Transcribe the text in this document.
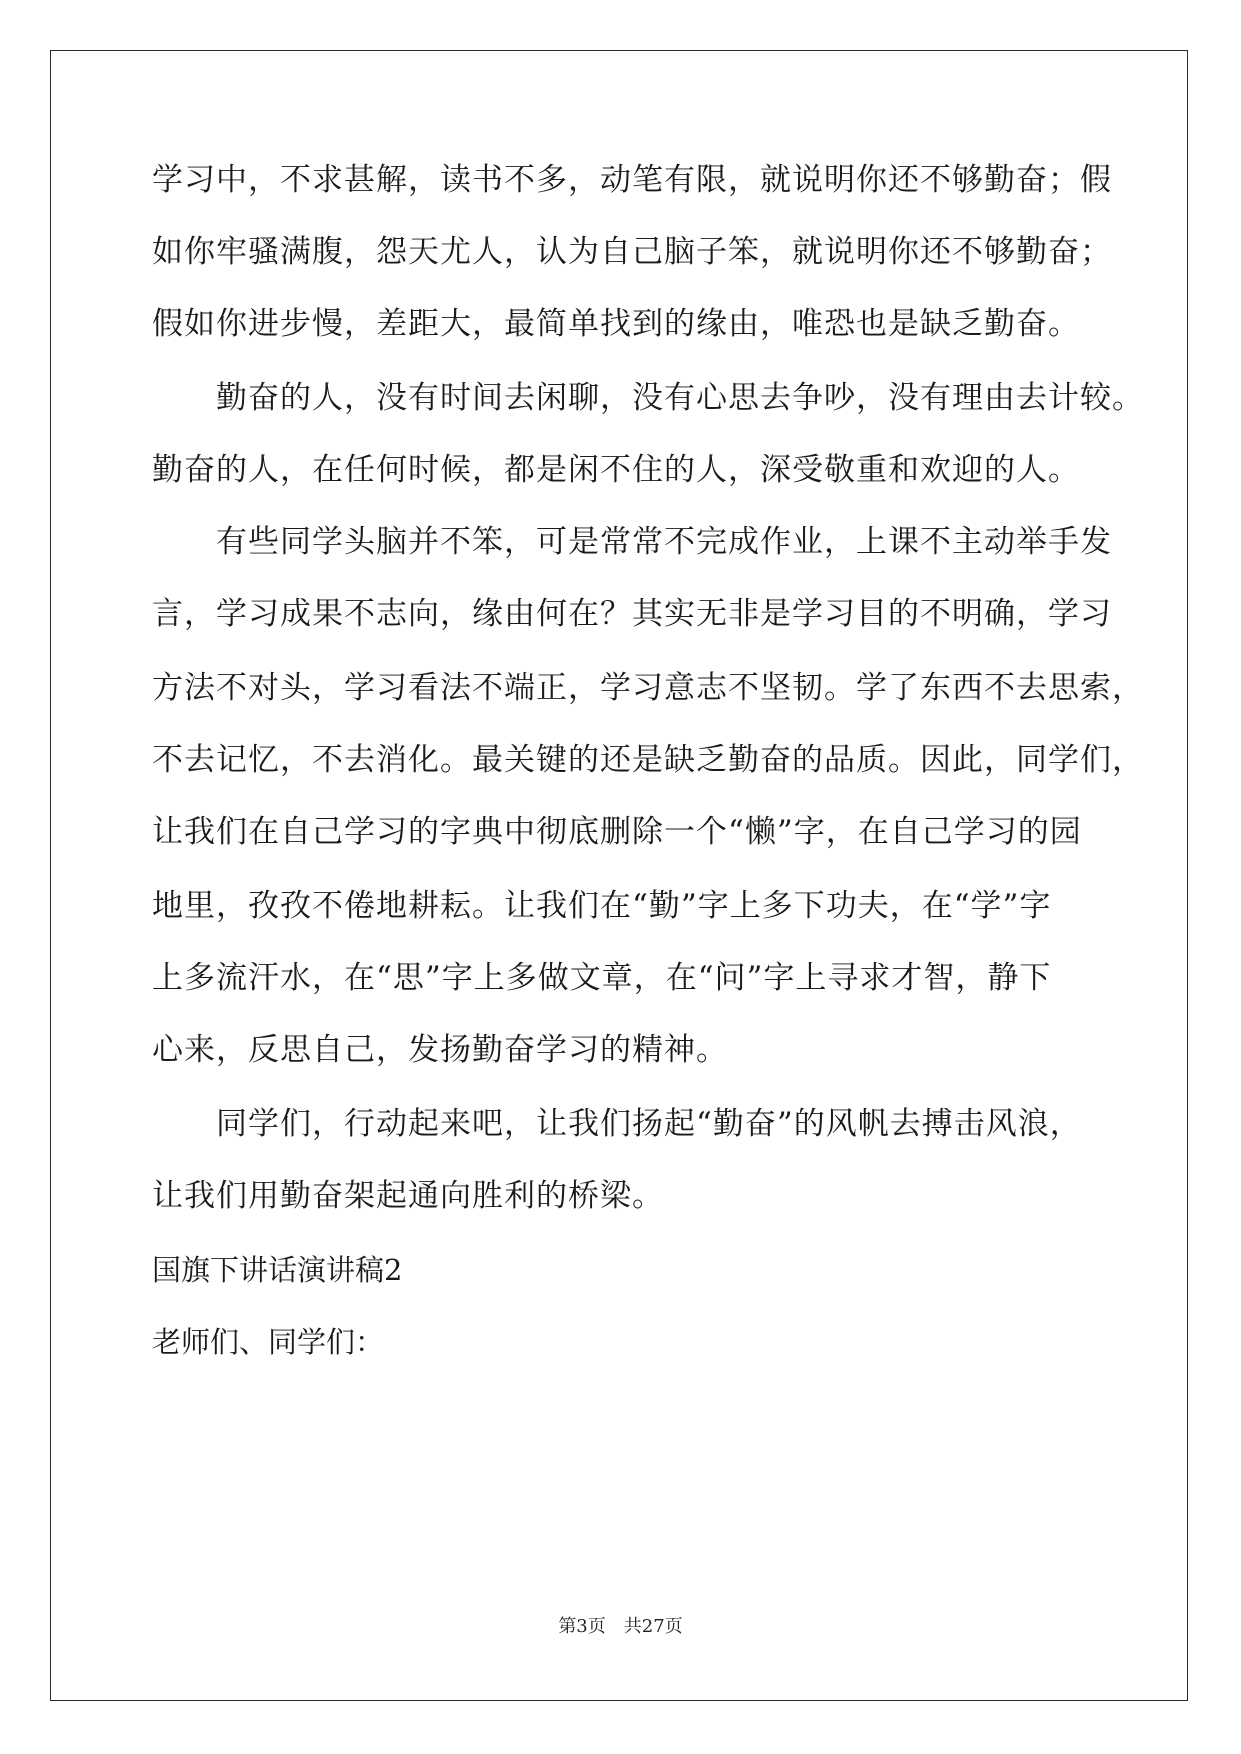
学习中，不求甚解，读书不多，动笔有限，就说明你还不够勤奋；假
如你牢骚满腹，怨天尤人，认为自己脑子笨，就说明你还不够勤奋；
假如你进步慢，差距大，最简单找到的缘由，唯恐也是缺乏勤奋。
　　勤奋的人，没有时间去闲聊，没有心思去争吵，没有理由去计较。
勤奋的人，在任何时候，都是闲不住的人，深受敬重和欢迎的人。
　　有些同学头脑并不笨，可是常常不完成作业，上课不主动举手发
言，学习成果不志向，缘由何在？其实无非是学习目的不明确，学习
方法不对头，学习看法不端正，学习意志不坚韧。学了东西不去思索，
不去记忆，不去消化。最关键的还是缺乏勤奋的品质。因此，同学们，
让我们在自己学习的字典中彻底删除一个“懒”字，在自己学习的园
地里，孜孜不倦地耕耘。让我们在“勤”字上多下功夫，在“学”字
上多流汗水，在“思”字上多做文章，在“问”字上寻求才智，静下
心来，反思自己，发扬勤奋学习的精神。
　　同学们，行动起来吧，让我们扬起“勤奋”的风帆去搏击风浪，
让我们用勤奋架起通向胜利的桥梁。
国旗下讲话演讲稿2
老师们、同学们：
第3页　共27页
